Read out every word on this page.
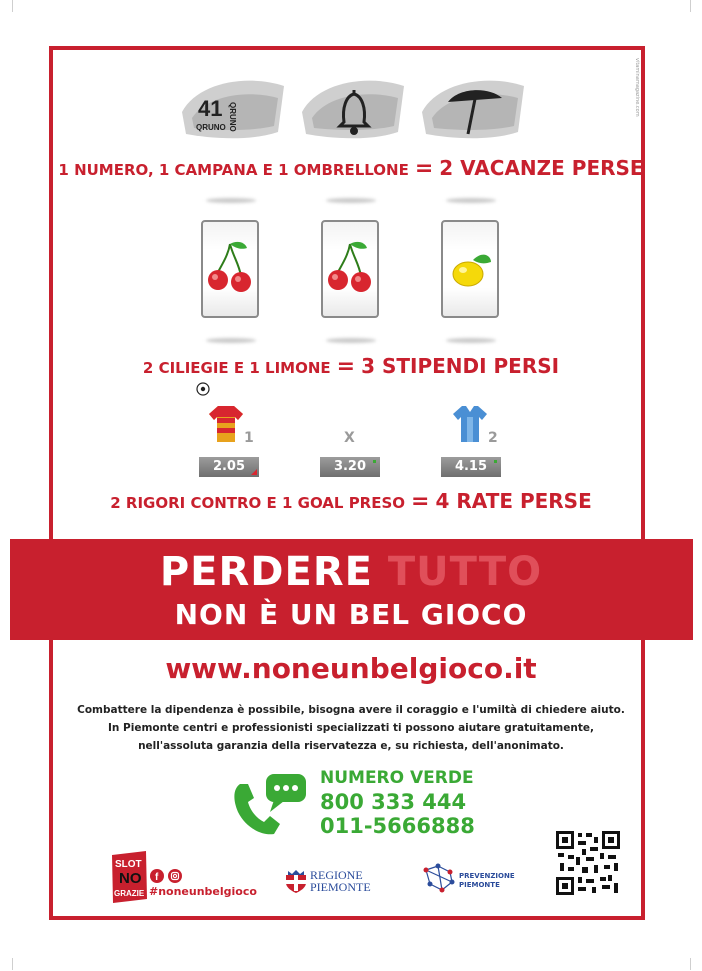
vitaminamagazine.com
41
QRUNO QRUNO
1 NUMERO, 1 CAMPANA E 1 OMBRELLONE = 2 VACANZE PERSE
2 CILIEGIE E 1 LIMONE = 3 STIPENDI PERSI
1	X	2
2.05	3.20	4.15
2 RIGORI CONTRO E 1 GOAL PRESO = 4 RATE PERSE
PERDERE TUTTO
NON È UN BEL GIOCO
www.noneunbelgioco.it
Combattere la dipendenza è possibile, bisogna avere il coraggio e l'umiltà di chiedere aiuto.
In Piemonte centri e professionisti specializzati ti possono aiutare gratuitamente,
nell'assoluta garanzia della riservatezza e, su richiesta, dell'anonimato.
NUMERO VERDE
800 333 444
011-5666888
SLOT
NO
GRAZIE
f
#noneunbelgioco
REGIONE
PIEMONTE
PREVENZIONE
PIEMONTE
